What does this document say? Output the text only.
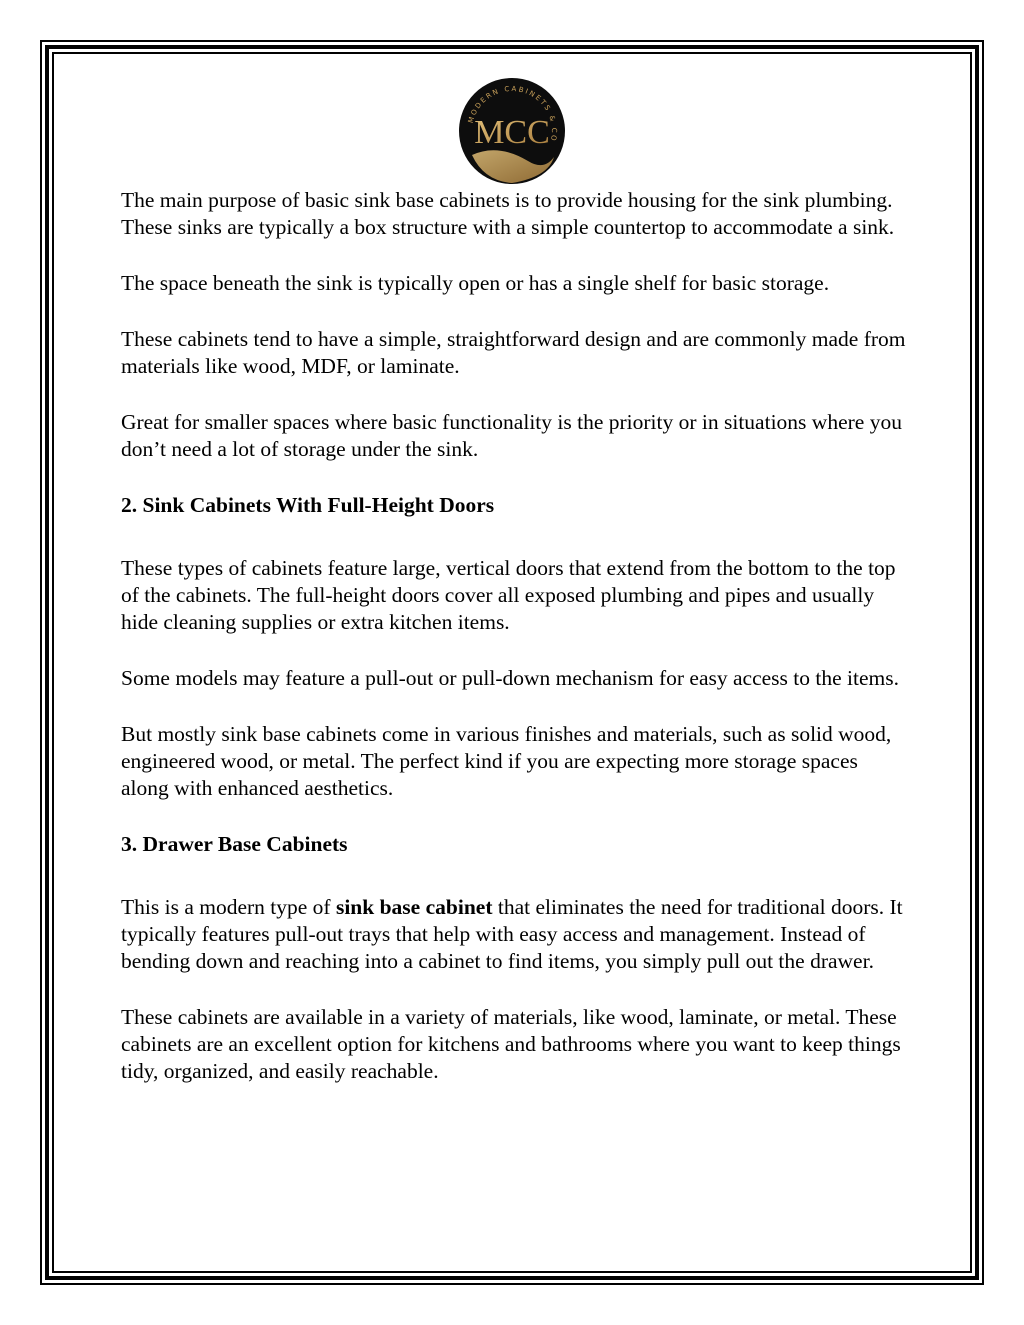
MODERN CABINETS & CO
MCC

The main purpose of basic sink base cabinets is to provide housing for the sink plumbing. These sinks are typically a box structure with a simple countertop to accommodate a sink.

The space beneath the sink is typically open or has a single shelf for basic storage.

These cabinets tend to have a simple, straightforward design and are commonly made from materials like wood, MDF, or laminate.

Great for smaller spaces where basic functionality is the priority or in situations where you don’t need a lot of storage under the sink.

2. Sink Cabinets With Full-Height Doors

These types of cabinets feature large, vertical doors that extend from the bottom to the top of the cabinets. The full-height doors cover all exposed plumbing and pipes and usually hide cleaning supplies or extra kitchen items.

Some models may feature a pull-out or pull-down mechanism for easy access to the items.

But mostly sink base cabinets come in various finishes and materials, such as solid wood, engineered wood, or metal. The perfect kind if you are expecting more storage spaces along with enhanced aesthetics.

3. Drawer Base Cabinets

This is a modern type of sink base cabinet that eliminates the need for traditional doors. It typically features pull-out trays that help with easy access and management. Instead of bending down and reaching into a cabinet to find items, you simply pull out the drawer.

These cabinets are available in a variety of materials, like wood, laminate, or metal. These cabinets are an excellent option for kitchens and bathrooms where you want to keep things tidy, organized, and easily reachable.
